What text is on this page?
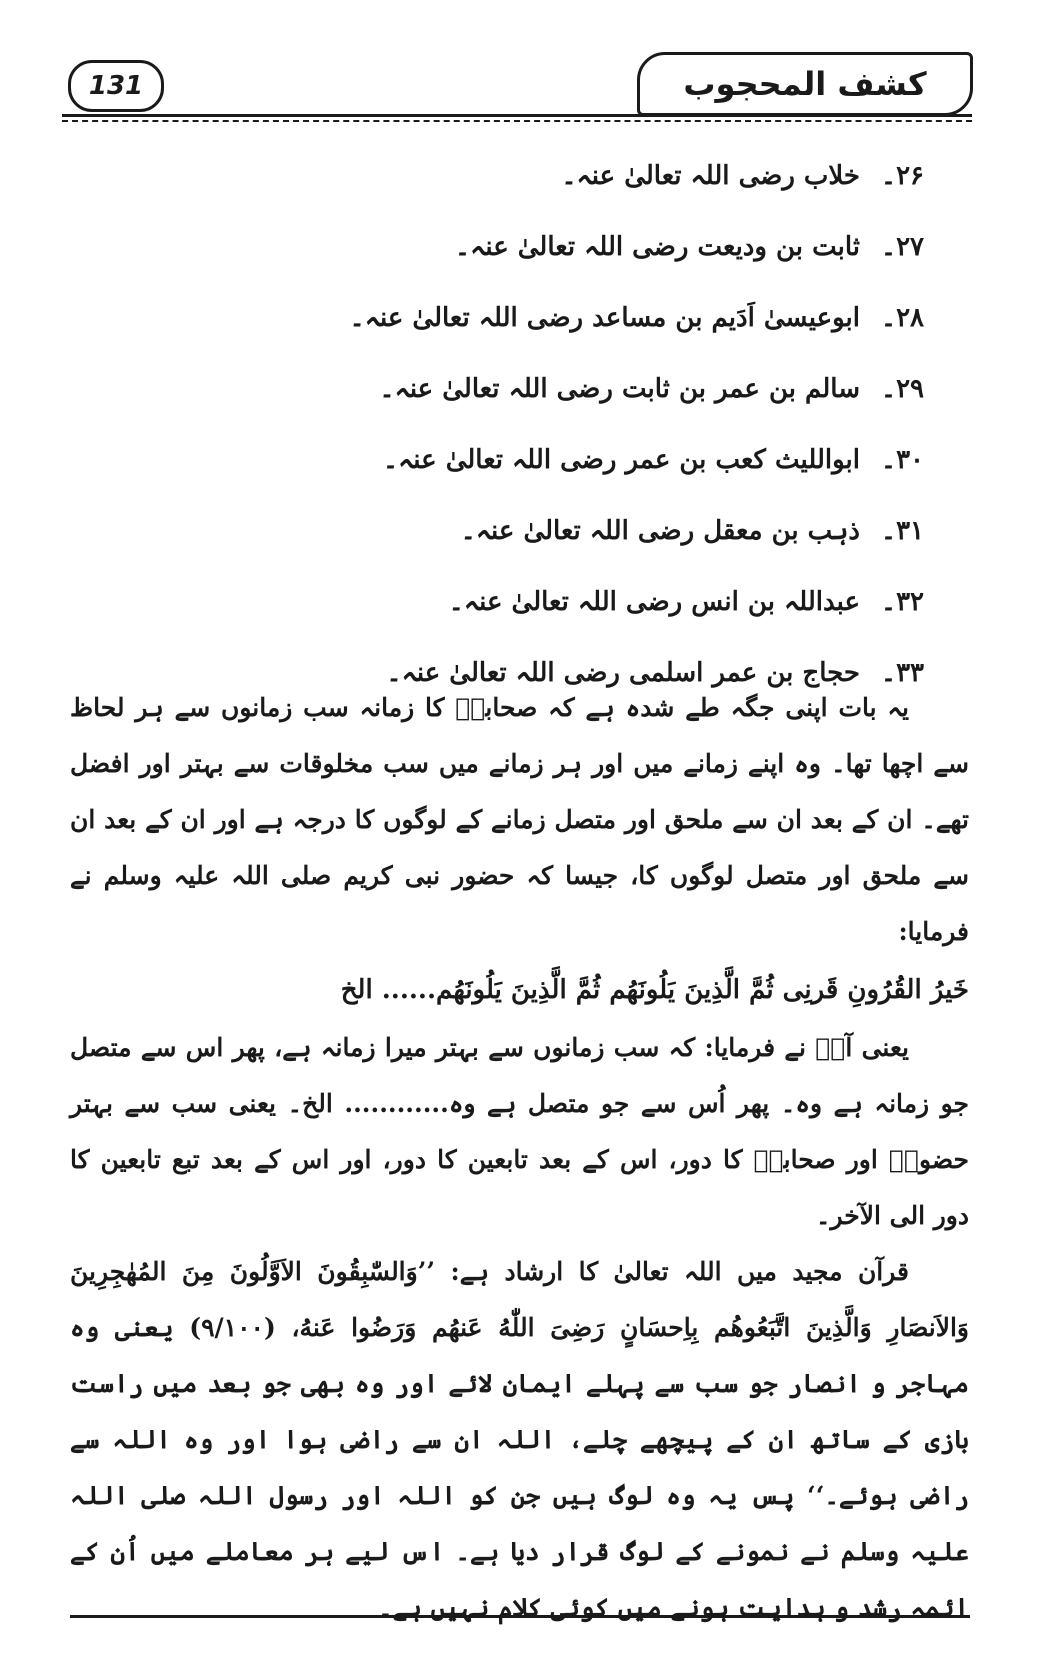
131	کشف المحجوب
۲۶۔
خلاب رضی اللہ تعالیٰ عنہ۔
۲۷۔
ثابت بن ودیعت رضی اللہ تعالیٰ عنہ۔
۲۸۔
ابوعیسیٰ اَدَیم بن مساعد رضی اللہ تعالیٰ عنہ۔
۲۹۔
سالم بن عمر بن ثابت رضی اللہ تعالیٰ عنہ۔
۳۰۔
ابواللیث کعب بن عمر رضی اللہ تعالیٰ عنہ۔
۳۱۔
ذہب بن معقل رضی اللہ تعالیٰ عنہ۔
۳۲۔
عبداللہ بن انس رضی اللہ تعالیٰ عنہ۔
۳۳۔
حجاج بن عمر اسلمی رضی اللہ تعالیٰ عنہ۔

یہ بات اپنی جگہ طے شدہ ہے کہ صحابہؓ کا زمانہ سب زمانوں سے ہر لحاظ سے اچھا تھا۔ وہ اپنے زمانے میں اور ہر زمانے میں سب مخلوقات سے بہتر اور افضل تھے۔ ان کے بعد ان سے ملحق اور متصل زمانے کے لوگوں کا درجہ ہے اور ان کے بعد ان سے ملحق اور متصل لوگوں کا، جیسا کہ حضور نبی کریم صلی اللہ علیہ وسلم نے فرمایا:

خَیرُ القُرُونِ قَرنِی ثُمَّ الَّذِینَ یَلُونَهُم ثُمَّ الَّذِینَ یَلُونَهُم...... الخ

یعنی آپؐ نے فرمایا: کہ سب زمانوں سے بہتر میرا زمانہ ہے، پھر اس سے متصل جو زمانہ ہے وہ۔ پھر اُس سے جو متصل ہے وہ............ الخ۔ یعنی سب سے بہتر حضورؐ اور صحابہؓ کا دور، اس کے بعد تابعین کا دور، اور اس کے بعد تبع تابعین کا دور الی الآخر۔

قرآن مجید میں اللہ تعالیٰ کا ارشاد ہے: ’’وَالسّٰبِقُونَ الاَوَّلُونَ مِنَ المُهٰجِرِینَ وَالاَنصَارِ وَالَّذِینَ اتَّبَعُوهُم بِاِحسَانٍ رَضِیَ اللّٰهُ عَنهُم وَرَضُوا عَنهُ، (۹/۱۰۰) یعنی وہ مہاجر و انصار جو سب سے پہلے ایمان لائے اور وہ بھی جو بعد میں راست بازی کے ساتھ ان کے پیچھے چلے، اللہ ان سے راضی ہوا اور وہ اللہ سے راضی ہوئے۔‘‘ پس یہ وہ لوگ ہیں جن کو اللہ اور رسول اللہ صلی اللہ علیہ وسلم نے نمونے کے لوگ قرار دیا ہے۔ اس لیے ہر معاملے میں اُن کے ائمہ رشد و ہدایت ہونے میں کوئی کلام نہیں ہے۔
